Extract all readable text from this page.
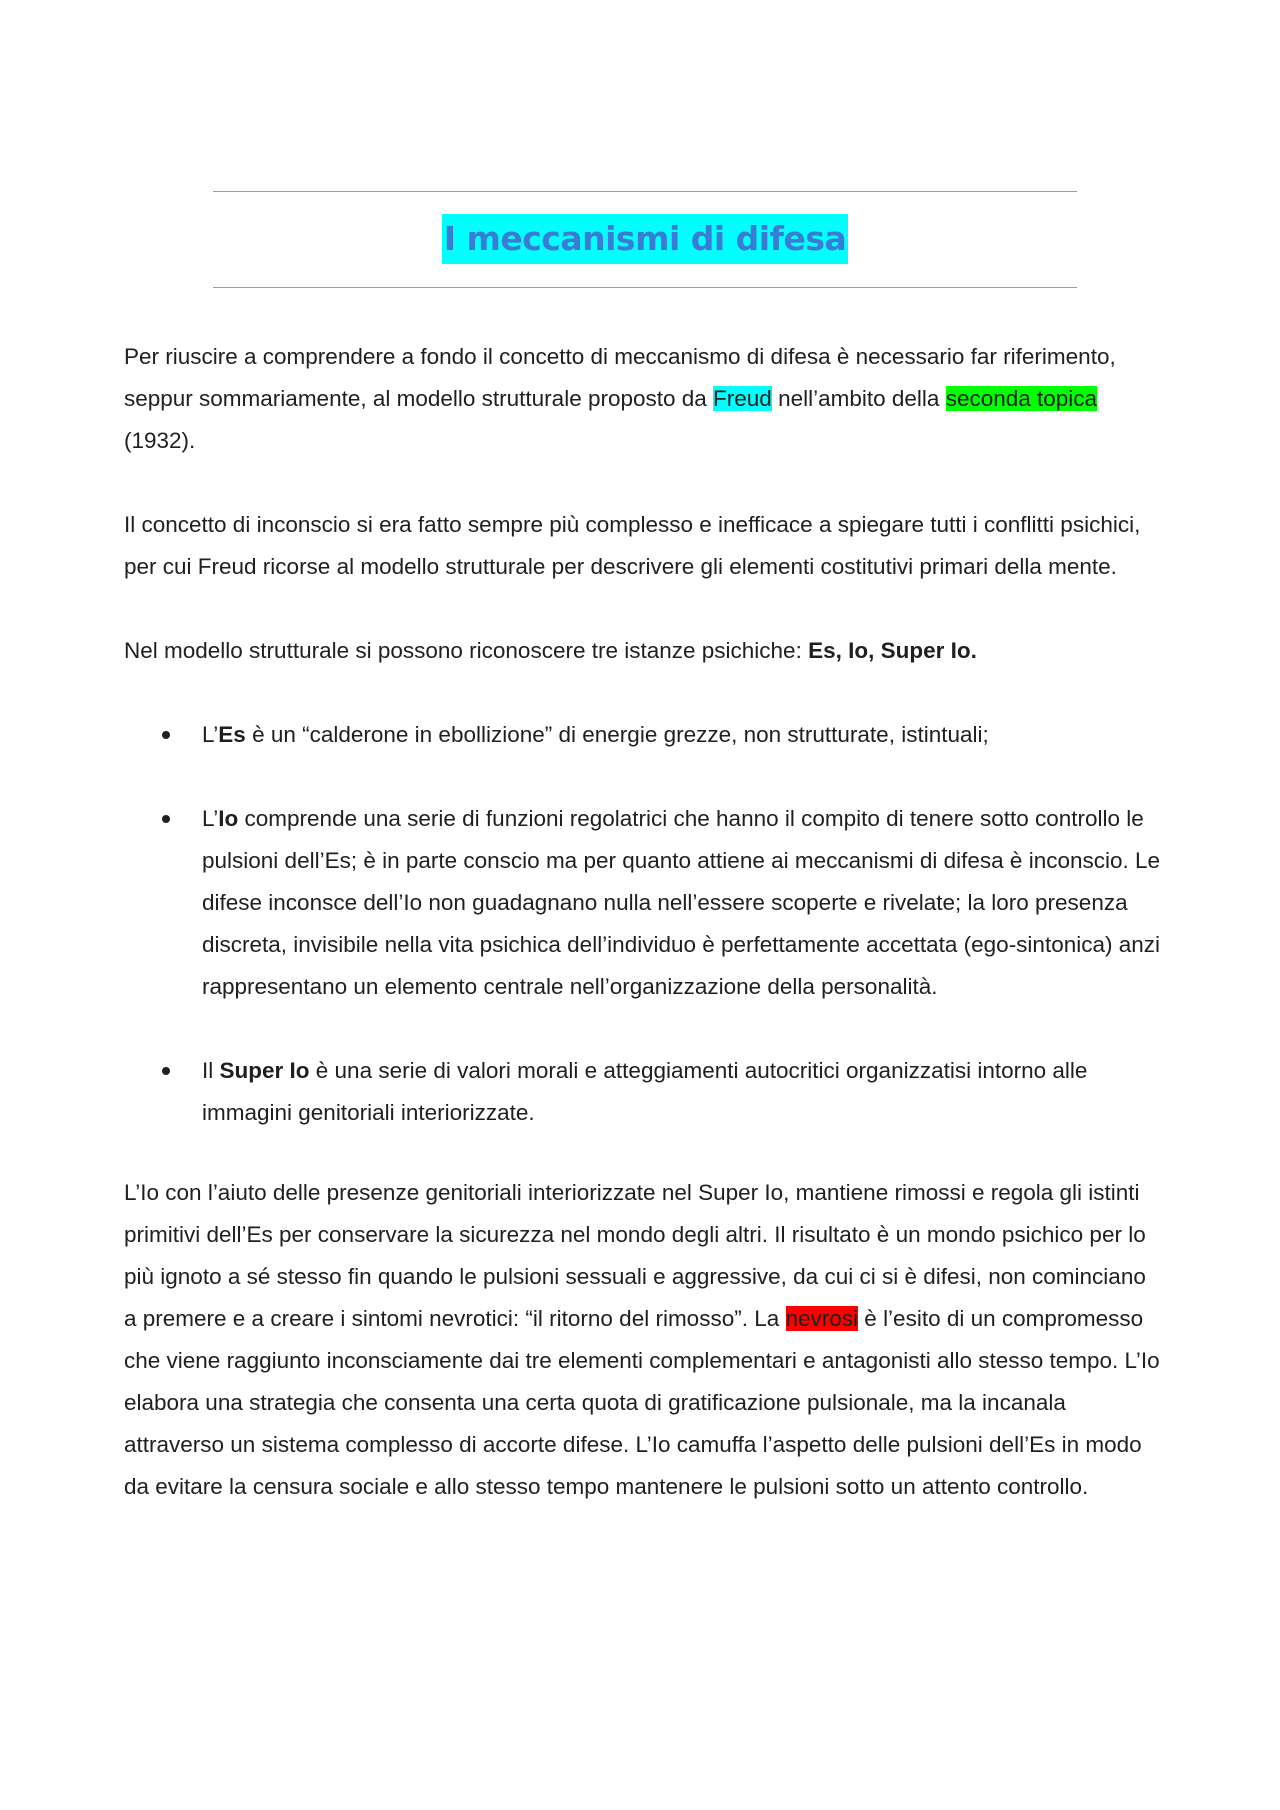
I meccanismi di difesa

Per riuscire a comprendere a fondo il concetto di meccanismo di difesa è necessario far riferimento, seppur sommariamente, al modello strutturale proposto da Freud nell’ambito della seconda topica (1932).

Il concetto di inconscio si era fatto sempre più complesso e inefficace a spiegare tutti i conflitti psichici, per cui Freud ricorse al modello strutturale per descrivere gli elementi costitutivi primari della mente.

Nel modello strutturale si possono riconoscere tre istanze psichiche: Es, Io, Super Io.

L’Es è un “calderone in ebollizione” di energie grezze, non strutturate, istintuali;
L’Io comprende una serie di funzioni regolatrici che hanno il compito di tenere sotto controllo le pulsioni dell’Es; è in parte conscio ma per quanto attiene ai meccanismi di difesa è inconscio. Le difese inconsce dell’Io non guadagnano nulla nell’essere scoperte e rivelate; la loro presenza discreta, invisibile nella vita psichica dell’individuo è perfettamente accettata (ego-sintonica) anzi rappresentano un elemento centrale nell’organizzazione della personalità.
Il Super Io è una serie di valori morali e atteggiamenti autocritici organizzatisi intorno alle immagini genitoriali interiorizzate.

L’Io con l’aiuto delle presenze genitoriali interiorizzate nel Super Io, mantiene rimossi e regola gli istinti primitivi dell’Es per conservare la sicurezza nel mondo degli altri. Il risultato è un mondo psichico per lo più ignoto a sé stesso fin quando le pulsioni sessuali e aggressive, da cui ci si è difesi, non cominciano a premere e a creare i sintomi nevrotici: “il ritorno del rimosso”. La nevrosi è l’esito di un compromesso che viene raggiunto inconsciamente dai tre elementi complementari e antagonisti allo stesso tempo. L’Io elabora una strategia che consenta una certa quota di gratificazione pulsionale, ma la incanala attraverso un sistema complesso di accorte difese. L’Io camuffa l’aspetto delle pulsioni dell’Es in modo da evitare la censura sociale e allo stesso tempo mantenere le pulsioni sotto un attento controllo.
